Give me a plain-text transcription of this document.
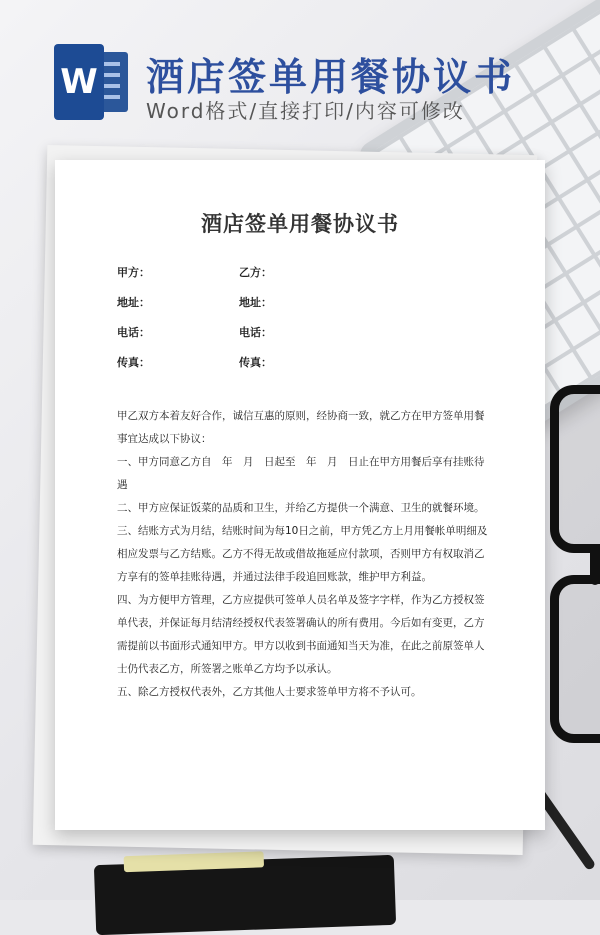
W 酒店签单用餐协议书
Word格式/直接打印/内容可修改
酒店签单用餐协议书
甲方：	乙方：
地址：	地址：
电话：	电话：
传真：	传真：

甲乙双方本着友好合作，诚信互惠的原则，经协商一致，就乙方在甲方签单用餐事宜达成以下协议：

一、甲方同意乙方自　年　月　日起至　年　月　日止在甲方用餐后享有挂账待遇

二、甲方应保证饭菜的品质和卫生，并给乙方提供一个满意、卫生的就餐环境。

三、结账方式为月结，结账时间为每10日之前，甲方凭乙方上月用餐帐单明细及相应发票与乙方结账。乙方不得无故或借故拖延应付款项，否则甲方有权取消乙方享有的签单挂账待遇，并通过法律手段追回账款，维护甲方利益。

四、为方便甲方管理，乙方应提供可签单人员名单及签字字样，作为乙方授权签单代表，并保证每月结清经授权代表签署确认的所有费用。今后如有变更，乙方需提前以书面形式通知甲方。甲方以收到书面通知当天为准，在此之前原签单人士仍代表乙方，所签署之账单乙方均予以承认。

五、除乙方授权代表外，乙方其他人士要求签单甲方将不予认可。
